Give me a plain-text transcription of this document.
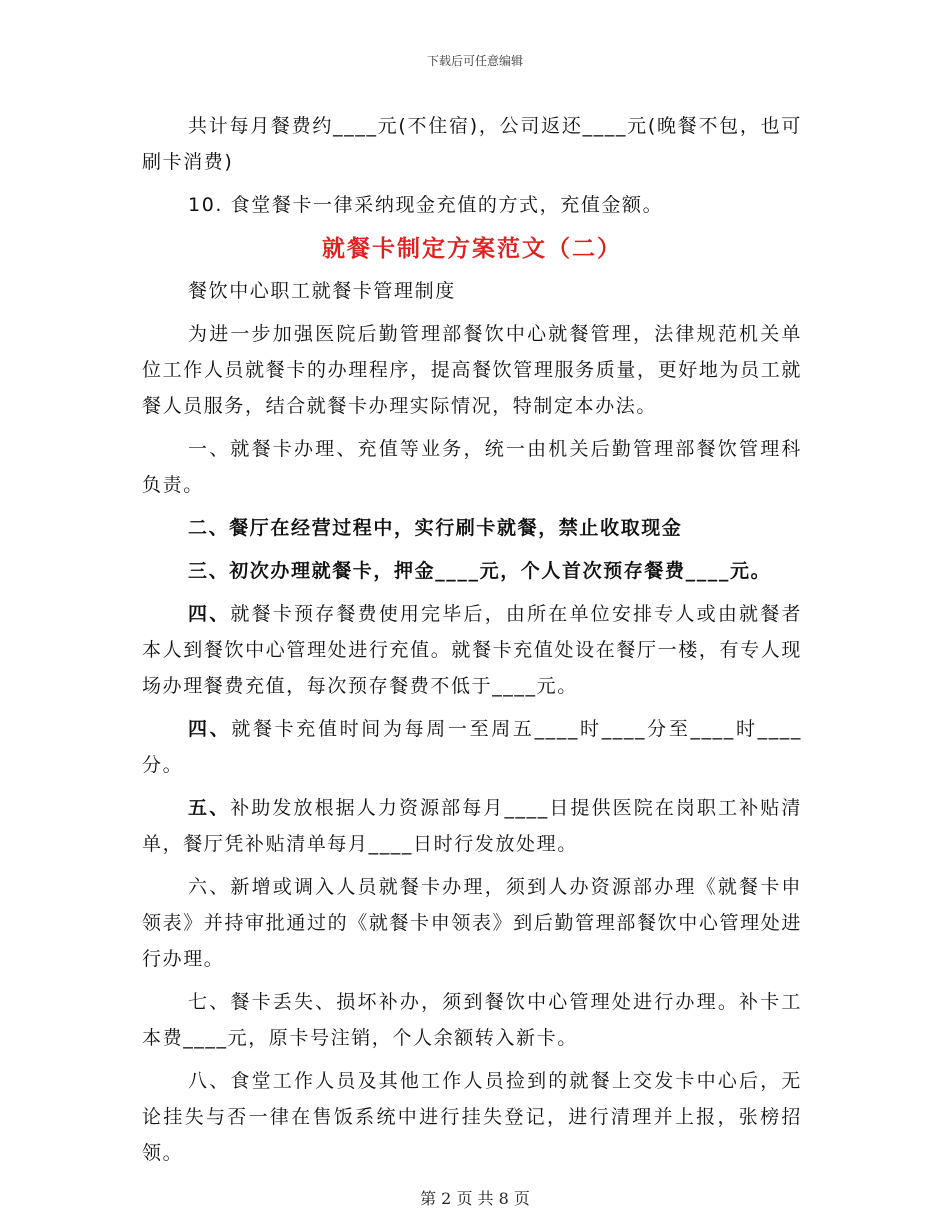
下载后可任意编辑

共计每月餐费约____元(不住宿)，公司返还____元(晚餐不包，也可刷卡消费)

10. 食堂餐卡一律采纳现金充值的方式，充值金额。

就餐卡制定方案范文（二）

餐饮中心职工就餐卡管理制度

为进一步加强医院后勤管理部餐饮中心就餐管理，法律规范机关单位工作人员就餐卡的办理程序，提高餐饮管理服务质量，更好地为员工就餐人员服务，结合就餐卡办理实际情况，特制定本办法。

一、就餐卡办理、充值等业务，统一由机关后勤管理部餐饮管理科负责。

二、餐厅在经营过程中，实行刷卡就餐，禁止收取现金

三、初次办理就餐卡，押金____元，个人首次预存餐费____元。

四、就餐卡预存餐费使用完毕后，由所在单位安排专人或由就餐者本人到餐饮中心管理处进行充值。就餐卡充值处设在餐厅一楼，有专人现场办理餐费充值，每次预存餐费不低于____元。

四、就餐卡充值时间为每周一至周五____时____分至____时____分。

五、补助发放根据人力资源部每月____日提供医院在岗职工补贴清单，餐厅凭补贴清单每月____日时行发放处理。

六、新增或调入人员就餐卡办理，须到人办资源部办理《就餐卡申领表》并持审批通过的《就餐卡申领表》到后勤管理部餐饮中心管理处进行办理。

七、餐卡丢失、损坏补办，须到餐饮中心管理处进行办理。补卡工本费____元，原卡号注销，个人余额转入新卡。

八、食堂工作人员及其他工作人员捡到的就餐上交发卡中心后，无论挂失与否一律在售饭系统中进行挂失登记，进行清理并上报，张榜招领。

第 2 页 共 8 页
